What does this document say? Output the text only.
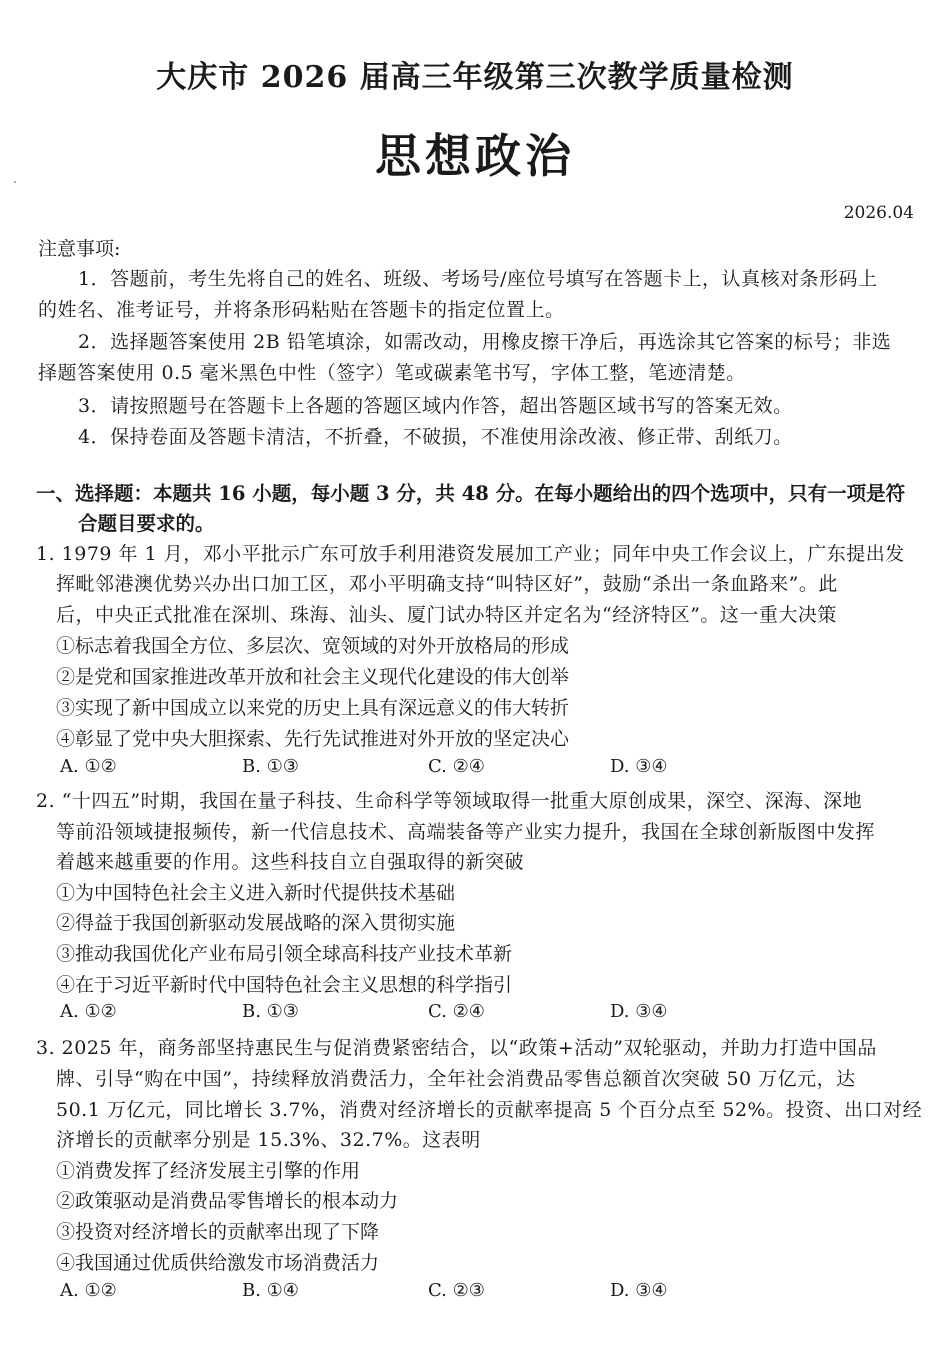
大庆市 2026 届高三年级第三次教学质量检测
思想政治
2026.04
注意事项:
1．答题前，考生先将自己的姓名、班级、考场号/座位号填写在答题卡上，认真核对条形码上
的姓名、准考证号，并将条形码粘贴在答题卡的指定位置上。
2．选择题答案使用 2B 铅笔填涂，如需改动，用橡皮擦干净后，再选涂其它答案的标号；非选
择题答案使用 0.5 毫米黑色中性（签字）笔或碳素笔书写，字体工整，笔迹清楚。
3．请按照题号在答题卡上各题的答题区域内作答，超出答题区域书写的答案无效。
4．保持卷面及答题卡清洁，不折叠，不破损，不准使用涂改液、修正带、刮纸刀。
一、选择题：本题共 16 小题，每小题 3 分，共 48 分。在每小题给出的四个选项中，只有一项是符
合题目要求的。
1. 1979 年 1 月，邓小平批示广东可放手利用港资发展加工产业；同年中央工作会议上，广东提出发
挥毗邻港澳优势兴办出口加工区，邓小平明确支持“叫特区好”，鼓励“杀出一条血路来”。此
后，中央正式批准在深圳、珠海、汕头、厦门试办特区并定名为“经济特区”。这一重大决策
①标志着我国全方位、多层次、宽领域的对外开放格局的形成
②是党和国家推进改革开放和社会主义现代化建设的伟大创举
③实现了新中国成立以来党的历史上具有深远意义的伟大转折
④彰显了党中央大胆探索、先行先试推进对外开放的坚定决心
A. ①②	B. ①③	C. ②④	D. ③④
2. “十四五”时期，我国在量子科技、生命科学等领域取得一批重大原创成果，深空、深海、深地
等前沿领域捷报频传，新一代信息技术、高端装备等产业实力提升，我国在全球创新版图中发挥
着越来越重要的作用。这些科技自立自强取得的新突破
①为中国特色社会主义进入新时代提供技术基础
②得益于我国创新驱动发展战略的深入贯彻实施
③推动我国优化产业布局引领全球高科技产业技术革新
④在于习近平新时代中国特色社会主义思想的科学指引
A. ①②	B. ①③	C. ②④	D. ③④
3. 2025 年，商务部坚持惠民生与促消费紧密结合，以“政策+活动”双轮驱动，并助力打造中国品
牌、引导“购在中国”，持续释放消费活力，全年社会消费品零售总额首次突破 50 万亿元，达
50.1 万亿元，同比增长 3.7%，消费对经济增长的贡献率提高 5 个百分点至 52%。投资、出口对经
济增长的贡献率分别是 15.3%、32.7%。这表明
①消费发挥了经济发展主引擎的作用
②政策驱动是消费品零售增长的根本动力
③投资对经济增长的贡献率出现了下降
④我国通过优质供给激发市场消费活力
A. ①②	B. ①④	C. ②③	D. ③④
